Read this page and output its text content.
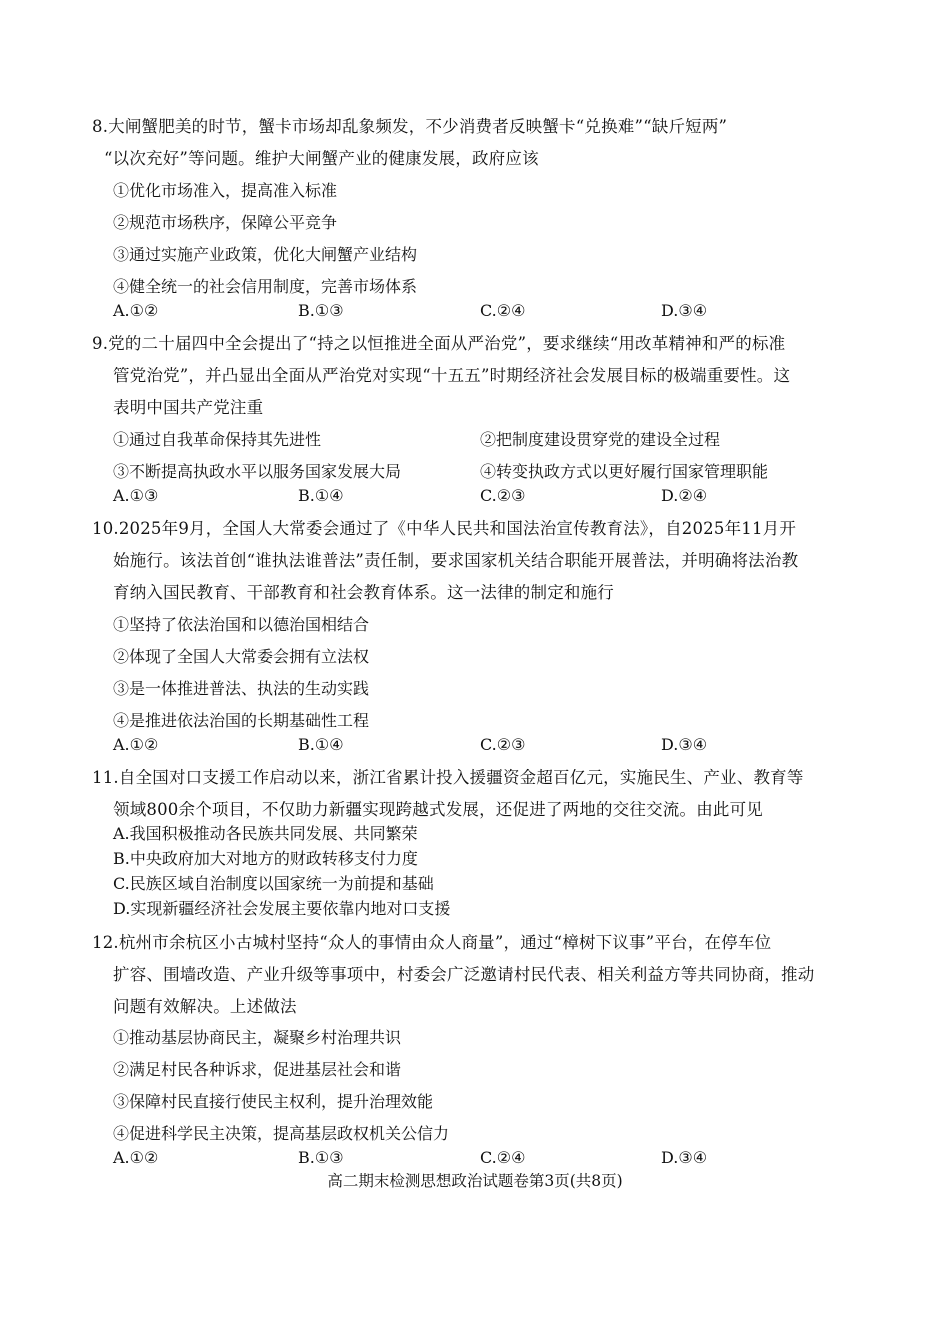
8.大闸蟹肥美的时节，蟹卡市场却乱象频发，不少消费者反映蟹卡“兑换难”“缺斤短两”
“以次充好”等问题。维护大闸蟹产业的健康发展，政府应该
①优化市场准入，提高准入标准
②规范市场秩序，保障公平竞争
③通过实施产业政策，优化大闸蟹产业结构
④健全统一的社会信用制度，完善市场体系
A.①②	B.①③	C.②④	D.③④
9.党的二十届四中全会提出了“持之以恒推进全面从严治党”，要求继续“用改革精神和严的标准
管党治党”，并凸显出全面从严治党对实现“十五五”时期经济社会发展目标的极端重要性。这
表明中国共产党注重
①通过自我革命保持其先进性	②把制度建设贯穿党的建设全过程
③不断提高执政水平以服务国家发展大局	④转变执政方式以更好履行国家管理职能
A.①③	B.①④	C.②③	D.②④
10.2025年9月，全国人大常委会通过了《中华人民共和国法治宣传教育法》，自2025年11月开
始施行。该法首创“谁执法谁普法”责任制，要求国家机关结合职能开展普法，并明确将法治教
育纳入国民教育、干部教育和社会教育体系。这一法律的制定和施行
①坚持了依法治国和以德治国相结合
②体现了全国人大常委会拥有立法权
③是一体推进普法、执法的生动实践
④是推进依法治国的长期基础性工程
A.①②	B.①④	C.②③	D.③④
11.自全国对口支援工作启动以来，浙江省累计投入援疆资金超百亿元，实施民生、产业、教育等
领域800余个项目，不仅助力新疆实现跨越式发展，还促进了两地的交往交流。由此可见
A.我国积极推动各民族共同发展、共同繁荣
B.中央政府加大对地方的财政转移支付力度
C.民族区域自治制度以国家统一为前提和基础
D.实现新疆经济社会发展主要依靠内地对口支援
12.杭州市余杭区小古城村坚持“众人的事情由众人商量”，通过“樟树下议事”平台，在停车位
扩容、围墙改造、产业升级等事项中，村委会广泛邀请村民代表、相关利益方等共同协商，推动
问题有效解决。上述做法
①推动基层协商民主，凝聚乡村治理共识
②满足村民各种诉求，促进基层社会和谐
③保障村民直接行使民主权利，提升治理效能
④促进科学民主决策，提高基层政权机关公信力
A.①②	B.①③	C.②④	D.③④
高二期末检测思想政治试题卷第3页(共8页)
